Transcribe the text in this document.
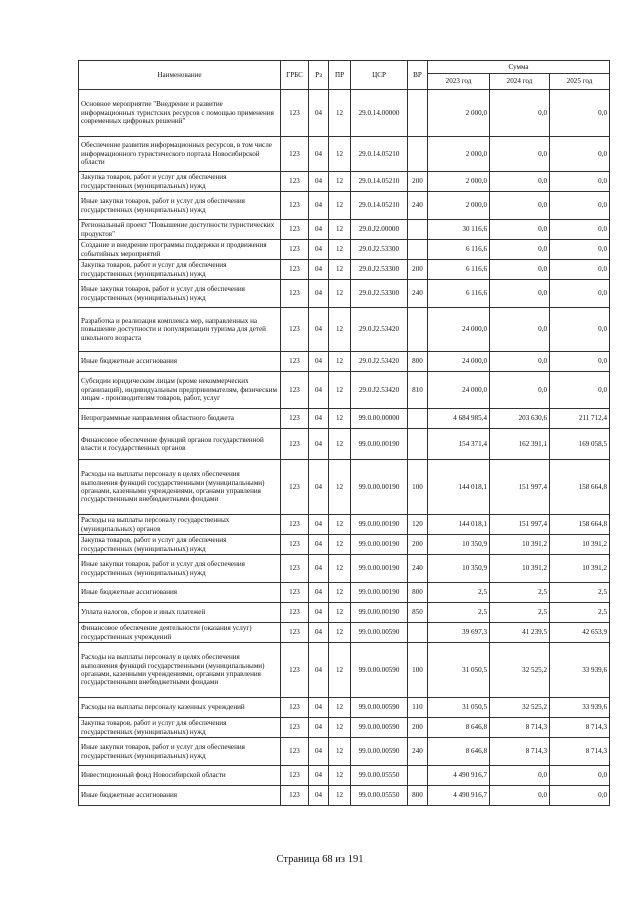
Наименование	ГРБС	Рз	ПР	ЦСР	ВР	Сумма		
						2023 год	2024 год	2025 год
Основное мероприятие "Внедрение и развитие информационных туристских ресурсов с помощью применения современных цифровых решений"	123	04	12	29.0.14.00000		2 000,0	0,0	0,0
Обеспечение развития информационных ресурсов, в том числе информационного туристического портала Новосибирской области	123	04	12	29.0.14.05210		2 000,0	0,0	0,0
Закупка товаров, работ и услуг для обеспечения государственных (муниципальных) нужд	123	04	12	29.0.14.05210	200	2 000,0	0,0	0,0
Иные закупки товаров, работ и услуг для обеспечения государственных (муниципальных) нужд	123	04	12	29.0.14.05210	240	2 000,0	0,0	0,0
Региональный проект "Повышение доступности туристических продуктов"	123	04	12	29.0.J2.00000		30 116,6	0,0	0,0
Создание и внедрение программы поддержки и продвижения событийных мероприятий	123	04	12	29.0.J2.53300		6 116,6	0,0	0,0
Закупка товаров, работ и услуг для обеспечения государственных (муниципальных) нужд	123	04	12	29.0.J2.53300	200	6 116,6	0,0	0,0
Иные закупки товаров, работ и услуг для обеспечения государственных (муниципальных) нужд	123	04	12	29.0.J2.53300	240	6 116,6	0,0	0,0
Разработка и реализация комплекса мер, направленных на повышение доступности и популяризации туризма для детей школьного возраста	123	04	12	29.0.J2.53420		24 000,0	0,0	0,0
Иные бюджетные ассигнования	123	04	12	29.0.J2.53420	800	24 000,0	0,0	0,0
Субсидии юридическим лицам (кроме некоммерческих организаций), индивидуальным предпринимателям, физическим лицам - производителям товаров, работ, услуг	123	04	12	29.0.J2.53420	810	24 000,0	0,0	0,0
Непрограммные направления областного бюджета	123	04	12	99.0.00.00000		4 684 985,4	203 630,6	211 712,4
Финансовое обеспечение функций органов государственной власти и государственных органов	123	04	12	99.0.00.00190		154 371,4	162 391,1	169 058,5
Расходы на выплаты персоналу в целях обеспечения выполнения функций государственными (муниципальными) органами, казенными учреждениями, органами управления государственными внебюджетными фондами	123	04	12	99.0.00.00190	100	144 018,1	151 997,4	158 664,8
Расходы на выплаты персоналу государственных (муниципальных) органов	123	04	12	99.0.00.00190	120	144 018,1	151 997,4	158 664,8
Закупка товаров, работ и услуг для обеспечения государственных (муниципальных) нужд	123	04	12	99.0.00.00190	200	10 350,9	10 391,2	10 391,2
Иные закупки товаров, работ и услуг для обеспечения государственных (муниципальных) нужд	123	04	12	99.0.00.00190	240	10 350,9	10 391,2	10 391,2
Иные бюджетные ассигнования	123	04	12	99.0.00.00190	800	2,5	2,5	2,5
Уплата налогов, сборов и иных платежей	123	04	12	99.0.00.00190	850	2,5	2,5	2,5
Финансовое обеспечение деятельности (оказания услуг) государственных учреждений	123	04	12	99.0.00.00590		39 697,3	41 239,5	42 653,9
Расходы на выплаты персоналу в целях обеспечения выполнения функций государственными (муниципальными) органами, казенными учреждениями, органами управления государственными внебюджетными фондами	123	04	12	99.0.00.00590	100	31 050,5	32 525,2	33 939,6
Расходы на выплаты персоналу казенных учреждений	123	04	12	99.0.00.00590	110	31 050,5	32 525,2	33 939,6
Закупка товаров, работ и услуг для обеспечения государственных (муниципальных) нужд	123	04	12	99.0.00.00590	200	8 646,8	8 714,3	8 714,3
Иные закупки товаров, работ и услуг для обеспечения государственных (муниципальных) нужд	123	04	12	99.0.00.00590	240	8 646,8	8 714,3	8 714,3
Инвестиционный фонд Новосибирской области	123	04	12	99.0.00.05550		4 490 916,7	0,0	0,0
Иные бюджетные ассигнования	123	04	12	99.0.00.05550	800	4 490 916,7	0,0	0,0
Страница 68 из 191
